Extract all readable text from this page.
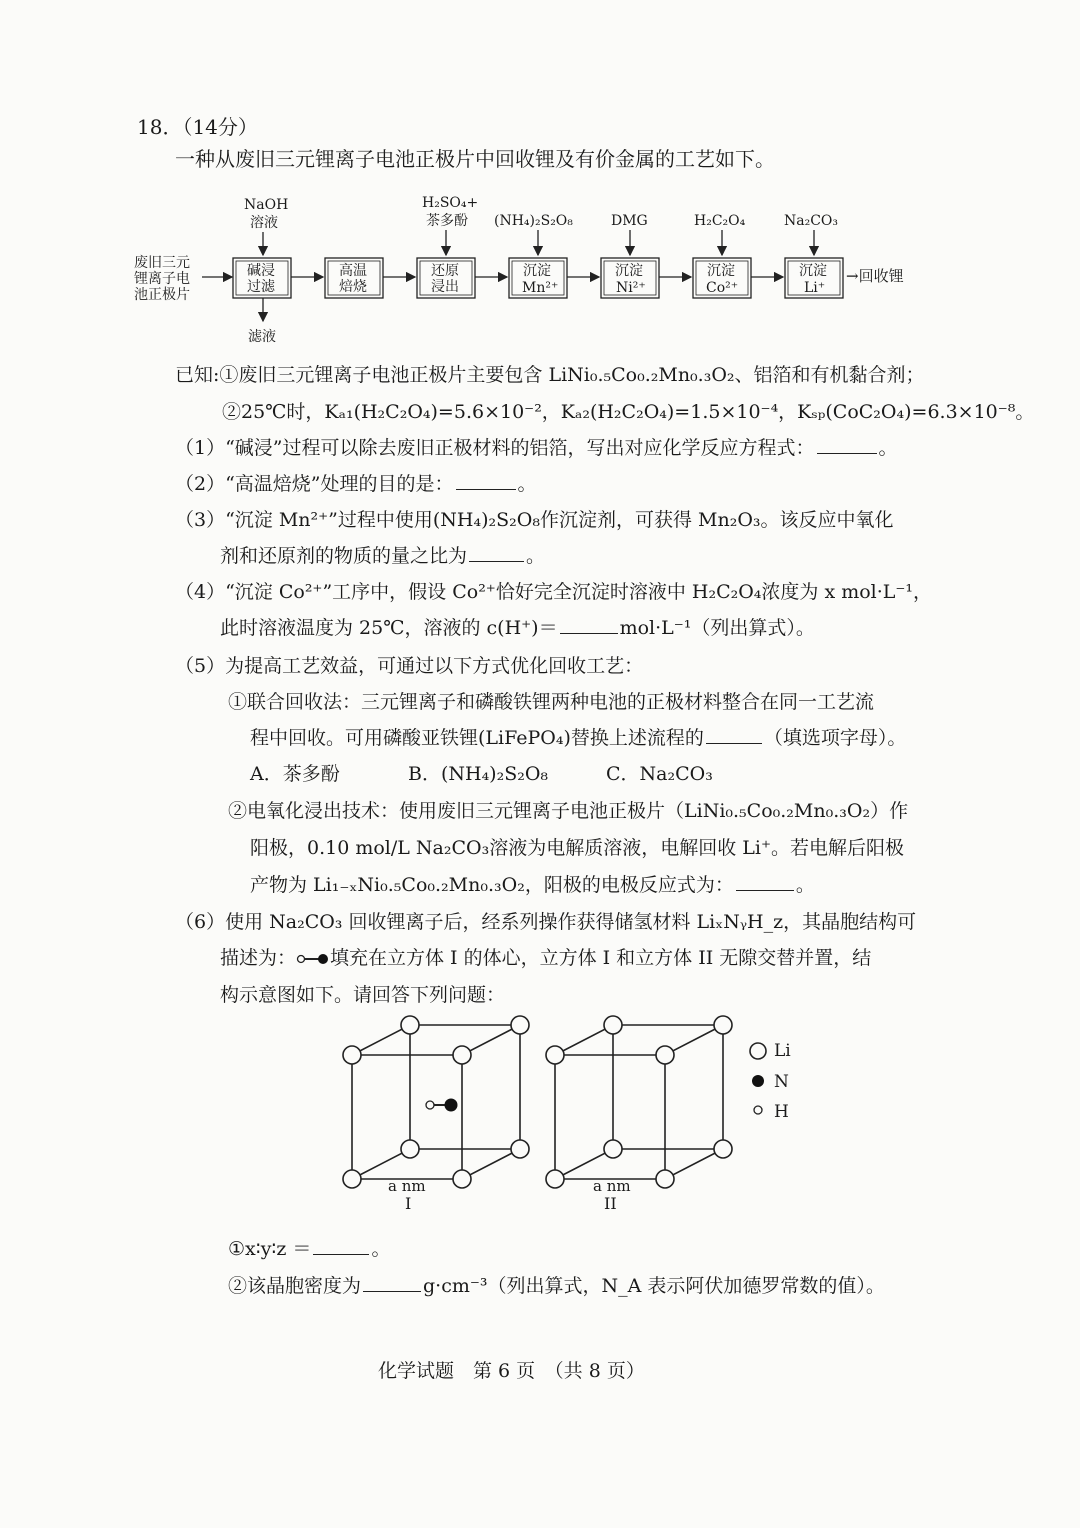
18．（14分）
一种从废旧三元锂离子电池正极片中回收锂及有价金属的工艺如下。
废旧三元
锂离子电
池正极片
NaOH
溶液
碱浸
过滤
滤液
高温
焙烧
H₂SO₄+
茶多酚
还原
浸出
(NH₄)₂S₂O₈
沉淀
Mn²⁺
DMG
沉淀
Ni²⁺
H₂C₂O₄
沉淀
Co²⁺
Na₂CO₃
沉淀
Li⁺
→回收锂
已知:①废旧三元锂离子电池正极片主要包含 LiNi₀.₅Co₀.₂Mn₀.₃O₂、铝箔和有机黏合剂；
②25℃时，Kₐ₁(H₂C₂O₄)=5.6×10⁻²，Kₐ₂(H₂C₂O₄)=1.5×10⁻⁴，Kₛₚ(CoC₂O₄)=6.3×10⁻⁸。
（1）“碱浸”过程可以除去废旧正极材料的铝箔，写出对应化学反应方程式：	。
（2）“高温焙烧”处理的目的是：	。
（3）“沉淀 Mn²⁺”过程中使用(NH₄)₂S₂O₈作沉淀剂，可获得 Mn₂O₃。该反应中氧化
剂和还原剂的物质的量之比为	。
（4）“沉淀 Co²⁺”工序中，假设 Co²⁺恰好完全沉淀时溶液中 H₂C₂O₄浓度为 x mol·L⁻¹，
此时溶液温度为 25℃，溶液的 c(H⁺)＝	mol·L⁻¹（列出算式）。
（5）为提高工艺效益，可通过以下方式优化回收工艺：
①联合回收法：三元锂离子和磷酸铁锂两种电池的正极材料整合在同一工艺流
程中回收。可用磷酸亚铁锂(LiFePO₄)替换上述流程的	（填选项字母）。
A．茶多酚	B．(NH₄)₂S₂O₈	C．Na₂CO₃
②电氧化浸出技术：使用废旧三元锂离子电池正极片（LiNi₀.₅Co₀.₂Mn₀.₃O₂）作
阳极，0.10 mol/L Na₂CO₃溶液为电解质溶液，电解回收 Li⁺。若电解后阳极
产物为 Li₁₋ₓNi₀.₅Co₀.₂Mn₀.₃O₂，阳极的电极反应式为：	。
（6）使用 Na₂CO₃ 回收锂离子后，经系列操作获得储氢材料 LiₓNᵧH_z，其晶胞结构可
描述为： 填充在立方体 I 的体心，立方体 I 和立方体 II 无隙交替并置，结
构示意图如下。请回答下列问题：
a nm
I
a nm
II
Li
N
H
①x∶y∶z ＝	。
②该晶胞密度为	g·cm⁻³（列出算式，N_A 表示阿伏加德罗常数的值）。
化学试题　第 6 页　（共 8 页）
